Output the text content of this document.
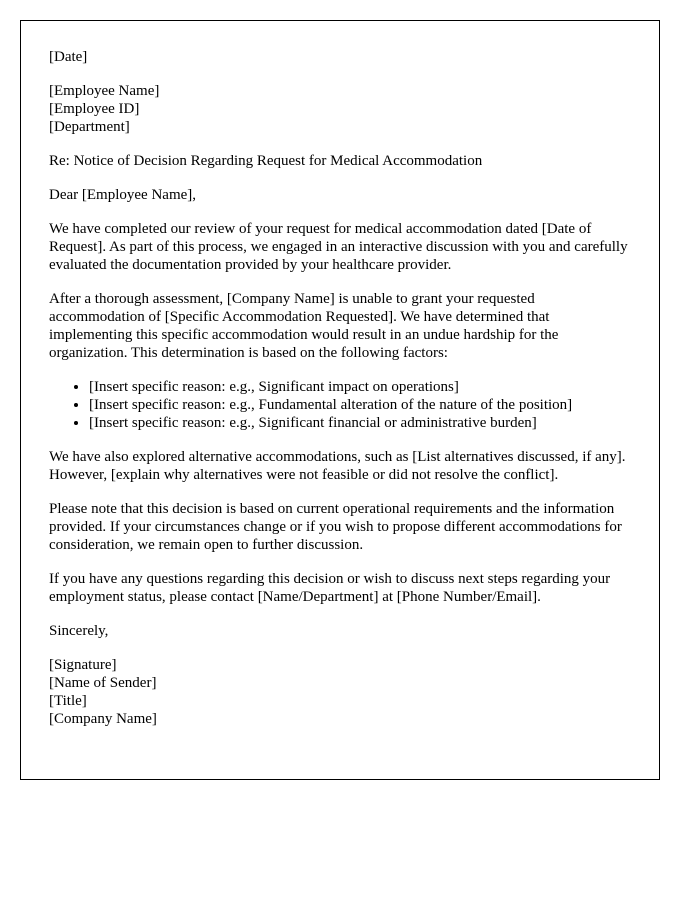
[Date]

[Employee Name]
[Employee ID]
[Department]

Re: Notice of Decision Regarding Request for Medical Accommodation

Dear [Employee Name],

We have completed our review of your request for medical accommodation dated [Date of Request]. As part of this process, we engaged in an interactive discussion with you and carefully evaluated the documentation provided by your healthcare provider.

After a thorough assessment, [Company Name] is unable to grant your requested accommodation of [Specific Accommodation Requested]. We have determined that implementing this specific accommodation would result in an undue hardship for the organization. This determination is based on the following factors:

• [Insert specific reason: e.g., Significant impact on operations]
• [Insert specific reason: e.g., Fundamental alteration of the nature of the position]
• [Insert specific reason: e.g., Significant financial or administrative burden]

We have also explored alternative accommodations, such as [List alternatives discussed, if any]. However, [explain why alternatives were not feasible or did not resolve the conflict].

Please note that this decision is based on current operational requirements and the information provided. If your circumstances change or if you wish to propose different accommodations for consideration, we remain open to further discussion.

If you have any questions regarding this decision or wish to discuss next steps regarding your employment status, please contact [Name/Department] at [Phone Number/Email].

Sincerely,

[Signature]
[Name of Sender]
[Title]
[Company Name]
